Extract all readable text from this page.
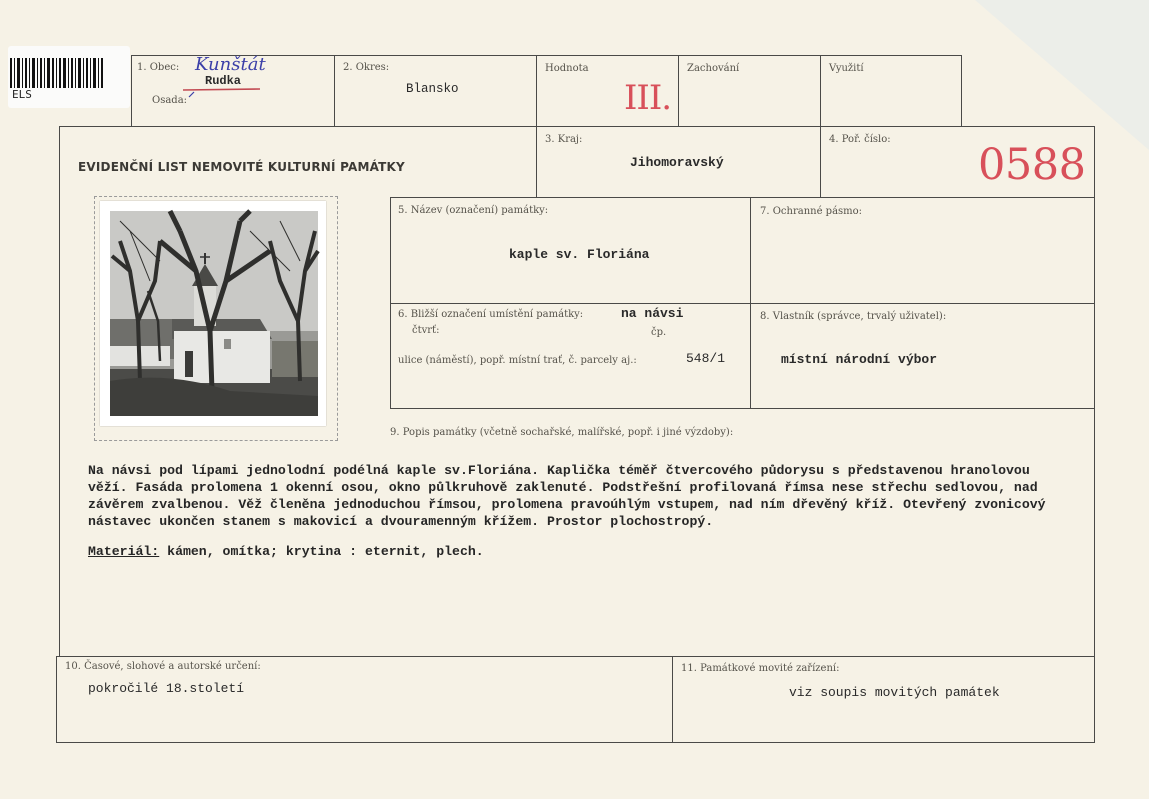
ELS
1. Obec: Kunštát
Rudka
Osada:
2. Okres:
Blansko
Hodnota
III.
Zachování	Využití
EVIDENČNÍ LIST NEMOVITÉ KULTURNÍ PAMÁTKY
3. Kraj:
Jihomoravský
4. Poř. číslo:
0588
5. Název (označení) památky:
kaple sv. Floriána
7. Ochranné pásmo:
6. Bližší označení umístění památky:	na návsi
čtvrť:	čp.
ulice (náměstí), popř. místní trať, č. parcely aj.:	548/1
8. Vlastník (správce, trvalý uživatel):
místní národní výbor
9. Popis památky (včetně sochařské, malířské, popř. i jiné výzdoby):
Na návsi pod lípami jednolodní podélná kaple sv.Floriána. Kaplička téměř čtvercového půdorysu s představenou hranolovou
věží. Fasáda prolomena 1 okenní osou, okno půlkruhově zaklenuté. Podstřešní profilovaná římsa nese střechu sedlovou, nad
závěrem zvalbenou. Věž členěna jednoduchou římsou, prolomena pravoúhlým vstupem, nad ním dřevěný kříž. Otevřený zvonicový
nástavec ukončen stanem s makovicí a dvouramenným křížem. Prostor plochostropý.
Materiál: kámen, omítka; krytina : eternit, plech.
10. Časové, slohové a autorské určení:
pokročilé 18.století
11. Památkové movité zařízení:
viz soupis movitých památek
